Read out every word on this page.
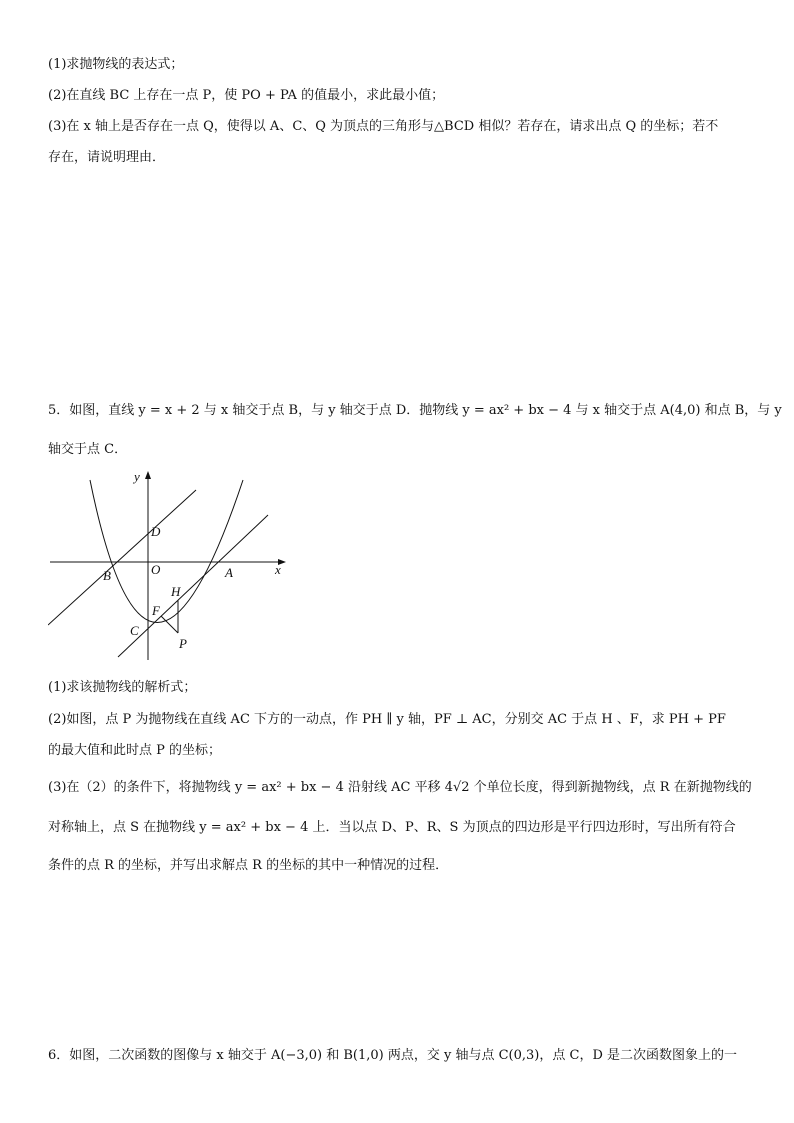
(1)求抛物线的表达式；
(2)在直线 BC 上存在一点 P，使 PO + PA 的值最小，求此最小值；
(3)在 x 轴上是否存在一点 Q，使得以 A、C、Q 为顶点的三角形与△BCD 相似？若存在，请求出点 Q 的坐标；若不
存在，请说明理由．
5．如图，直线 y = x + 2 与 x 轴交于点 B，与 y 轴交于点 D．抛物线 y = ax² + bx − 4 与 x 轴交于点 A(4,0) 和点 B，与 y
轴交于点 C．
y
x
O	A
B
C
D
F
H
P
(1)求该抛物线的解析式；
(2)如图，点 P 为抛物线在直线 AC 下方的一动点，作 PH ∥ y 轴，PF ⊥ AC，分别交 AC 于点 H 、F，求 PH + PF
的最大值和此时点 P 的坐标；
(3)在（2）的条件下，将抛物线 y = ax² + bx − 4 沿射线 AC 平移 4√2 个单位长度，得到新抛物线，点 R 在新抛物线的
对称轴上，点 S 在抛物线 y = ax² + bx − 4 上．当以点 D、P、R、S 为顶点的四边形是平行四边形时，写出所有符合
条件的点 R 的坐标，并写出求解点 R 的坐标的其中一种情况的过程．
6．如图，二次函数的图像与 x 轴交于 A(−3,0) 和 B(1,0) 两点，交 y 轴与点 C(0,3)，点 C，D 是二次函数图象上的一
